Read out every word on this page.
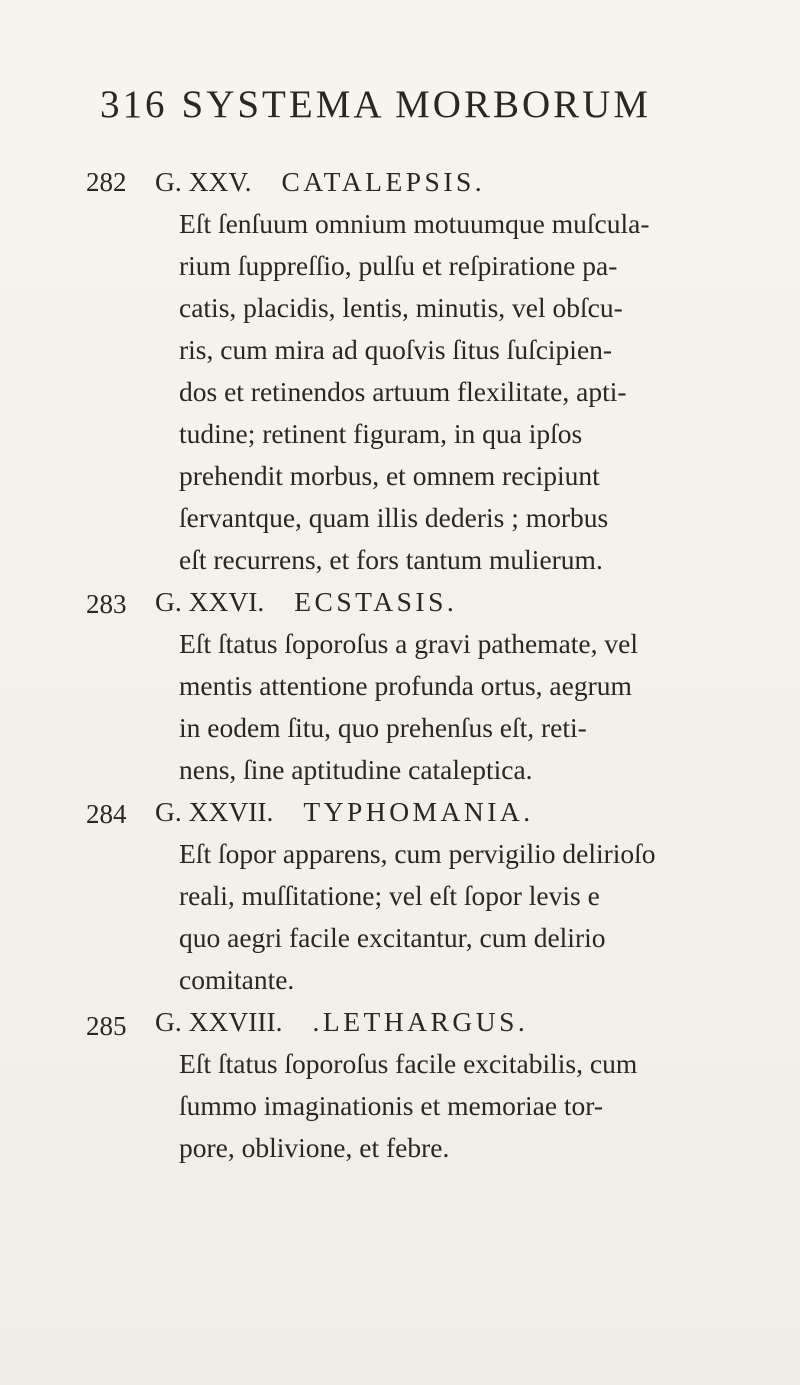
316 SYSTEMA MORBORUM
282 G. XXV. CATALEPSIS.
Eſt ſenſuum omnium motuumque muſcula-
rium ſuppreſſio, pulſu et reſpiratione pa-
catis, placidis, lentis, minutis, vel obſcu-
ris, cum mira ad quoſvis ſitus ſuſcipien-
dos et retinendos artuum flexilitate, apti-
tudine; retinent figuram, in qua ipſos
prehendit morbus, et omnem recipiunt
ſervantque, quam illis dederis ; morbus
eſt recurrens, et fors tantum mulierum.
283 G. XXVI. ECSTASIS.
Eſt ſtatus ſoporoſus a gravi pathemate, vel
mentis attentione profunda ortus, aegrum
in eodem ſitu, quo prehenſus eſt, reti-
nens, ſine aptitudine cataleptica.
284 G. XXVII. TYPHOMANIA.
Eſt ſopor apparens, cum pervigilio delirioſo
reali, muſſitatione; vel eſt ſopor levis e
quo aegri facile excitantur, cum delirio
comitante.
285 G. XXVIII. .LETHARGUS.
Eſt ſtatus ſoporoſus facile excitabilis, cum
ſummo imaginationis et memoriae tor-
pore, oblivione, et febre.
